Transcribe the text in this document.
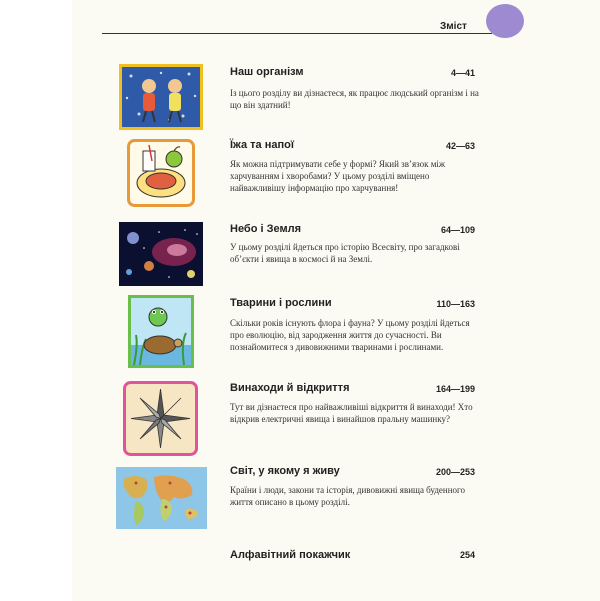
Зміст
Наш організм	4—41
Із цього розділу ви дізнаєтеся, як працює людський організм і на що він здатний!
Їжа та напої	42—63
Як можна підтримувати себе у формі? Який зв’язок між харчуванням і хворобами? У цьому розділі вміщено найважливішу інформацію про харчування!
Небо і Земля	64—109
У цьому розділі йдеться про історію Всесвіту, про загадкові об’єкти і явища в космосі й на Землі.
Тварини і рослини	110—163
Скільки років існують флора і фауна? У цьому розділі йдеться про еволюцію, від зародження життя до сучасності. Ви познайомитеся з дивовижними тваринами і рослинами.
Винаходи й відкриття	164—199
Тут ви дізнаєтеся про найважливіші відкриття й винаходи! Хто відкрив електричні явища і винайшов пральну машинку?
Світ, у якому я живу	200—253
Країни і люди, закони та історія, дивовижні явища буденного життя описано в цьому розділі.
Алфавітний покажчик	254
